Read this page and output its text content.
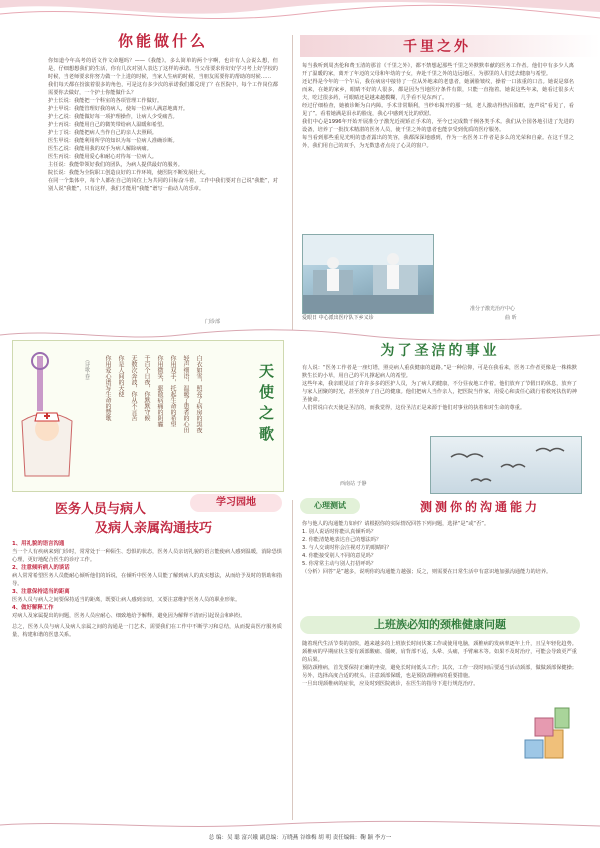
你能做什么
你知道今年高考的语文作文命题吗？——《我能》。多么简单的两个字啊，也许有人会说么想，但是，仔细想想我们的生活，你有几次对别人表达了这样的承诺。当父母要求你好好学习考上好学校的时候，当老师要求你努力做一个上进的时候，当家人生病的时候，当朋友需要你的帮助的时候……
我们每天都在扮演着很多的角色，可是这有多少次的承诺我们都兑现了？在医院中，每个工作岗位都需要你去做好，一个护士你能做什么？
护士长说：我能把一个科室的各项管理工作做好。
护士甲说：我能管理好我的病人，使每一位病人满意地离开。
护士乙说：我能做好每一项护理操作，让病人少受痛苦。
护士丙说：我能用自己的微笑带给病人温暖和希望。
护士丁说：我能把病人当作自己的亲人去照顾。
医生甲说：我能利用所学的知识为每一位病人准确诊断。
医生乙说：我能用我的双手为病人解除病痛。
医生丙说：我能用爱心和耐心对待每一位病人。
主任说：我能带领好我们的团队，为病人提供最好的服务。
院长说：我能为全院职工创造良好的工作环境，使医院不断发展壮大。
在同一个集体中，每个人都在自己的岗位上为共同的目标奋斗着，工作中我们要对自己说“我能”，对别人说“我能”，只有这样，我们才能用“我能”谱写一曲动人的乐章。
门诊部
千里之外
每当我听到周杰伦和费玉清的那首《千里之外》，都不禁想起那些千里之外默默奉献的医务工作者。他们中有多少人离开了温暖的家，离开了年迈的父母和年幼的子女，奔赴千里之外的边远地区，为那里的人们送去健康与希望。
还记得是今年的一个午后，我在病房中接待了一位从外地来的老患者，她满脸皱纹，操着一口浓重的口音。她说是慕名而来，在她的家乡，眼睛不好的人很多，都是因为当地医疗条件有限，只能一直拖着。她说这些年来，她看过很多大夫，吃过很多药，可眼睛还是越来越模糊，几乎看不见东西了。
经过仔细检查，她被诊断为白内障。手术非常顺利，当纱布揭开的那一刻，老人激动得热泪盈眶，连声说“看见了，看见了”。看着她满是泪水的脸庞，我心中感到无比的欣慰。
我们中心是1996年开始开展准分子激光近视矫正手术的，至今已完成数千例各类手术。我们从全国各地引进了先进的设备，培养了一批技术精湛的医务人员，使千里之外的患者也能享受到优质的医疗服务。
每当看到那些重见光明的患者露出的笑容，我都深深地感到，作为一名医务工作者是多么的光荣和自豪。在这千里之外，我们用自己的双手，为无数患者点亮了心灵的窗户。
爱眼日 中心派出医疗队下乡义诊
准分子激光治疗中心
曲 昕
（诗歌·春）	白衣如雪，照亮了病房的黑夜
轻声细语，温暖了患者的心田
你用双手，托起生命的希望
你用微笑，驱散病痛的阴霾
千百个日夜，你默默守候
无数次奔波，你从不言苦
你是人间的天使
你用爱心谱写生命的赞歌	天使之歌
为了圣洁的事业
有人说：“医务工作者是一座灯塔，照亮病人重获健康的道路。”是一种信仰，可是在我看来，医务工作者更像是一株株默默生长的小草，用自己的平凡撑起病人的希望。
这些年来，我亲眼见证了许许多多的医护人员，为了病人的健康，不分昼夜地工作着。他们放弃了节假日的休息，放弃了与家人团聚的时光，甚至放弃了自己的健康。他们把病人当作亲人，把医院当作家，用爱心和责任心践行着救死扶伤的神圣使命。
人们常说白衣天使是圣洁的，而我觉得，这份圣洁正是来源于他们对事业的执着和对生命的尊重。
西南站 于静
学习园地
医务人员与病人
及病人亲属沟通技巧
1、用礼貌的语言沟通
当一个人有疾病来到门诊时，常常处于一种陌生、恐惧的状态，医务人员亲切礼貌的语言能使病人感到温暖，消除恐惧心理，更好地配合医生的诊疗工作。
2、注意倾听病人的谈话
病人常常希望医务人员能耐心倾听他们的诉说，在倾听中医务人员能了解到病人的真实想法，从而给予及时的帮助和指导。
3、注意保持适当的距离
医务人员与病人之间要保持适当的距离，既要让病人感到亲切，又要注意维护医务人员的职业形象。
4、做好解释工作
对病人及家属提出的问题，医务人员应耐心、细致地给予解释，避免因为解释不清而引起误会和纠纷。
总之，医务人员与病人及病人亲属之间的沟通是一门艺术，需要我们在工作中不断学习和总结，从而提高医疗服务质量，构建和谐的医患关系。
心理测试	测测你的沟通能力
你与他人的沟通能力如何？请根据你的实际情况回答下列问题，选择“是”或“否”。
1. 别人说话时你能认真倾听吗？
2. 你能清楚地表达自己的想法吗？
3. 与人交谈时你会注视对方的眼睛吗？
4. 你能接受别人不同的意见吗？
5. 你常常主动与别人打招呼吗？
（分析）回答“是”越多，说明你的沟通能力越强；反之，则需要在日常生活中有意识地加强沟通能力的培养。
上班族必知的颈椎健康问题
随着现代生活节奏的加快，越来越多的上班族长时间伏案工作或使用电脑，颈椎病的发病率逐年上升，且呈年轻化趋势。
颈椎病的早期症状主要有颈部酸痛、僵硬，肩背部不适，头晕、头痛，手臂麻木等。如果不及时治疗，可能会导致更严重的后果。
预防颈椎病，首先要保持正确的坐姿，避免长时间低头工作；其次，工作一段时间后要适当活动颈部，做做颈部保健操；另外，选择高度合适的枕头，注意颈部保暖，也是预防颈椎病的重要措施。
一旦出现颈椎病的症状，应及时到医院就诊，在医生的指导下进行规范治疗。
总 编：吴 聪 富兴娥 副总编：万晓燕 谷维梅 胡 明 责任编辑：鞠 颖 李方一
